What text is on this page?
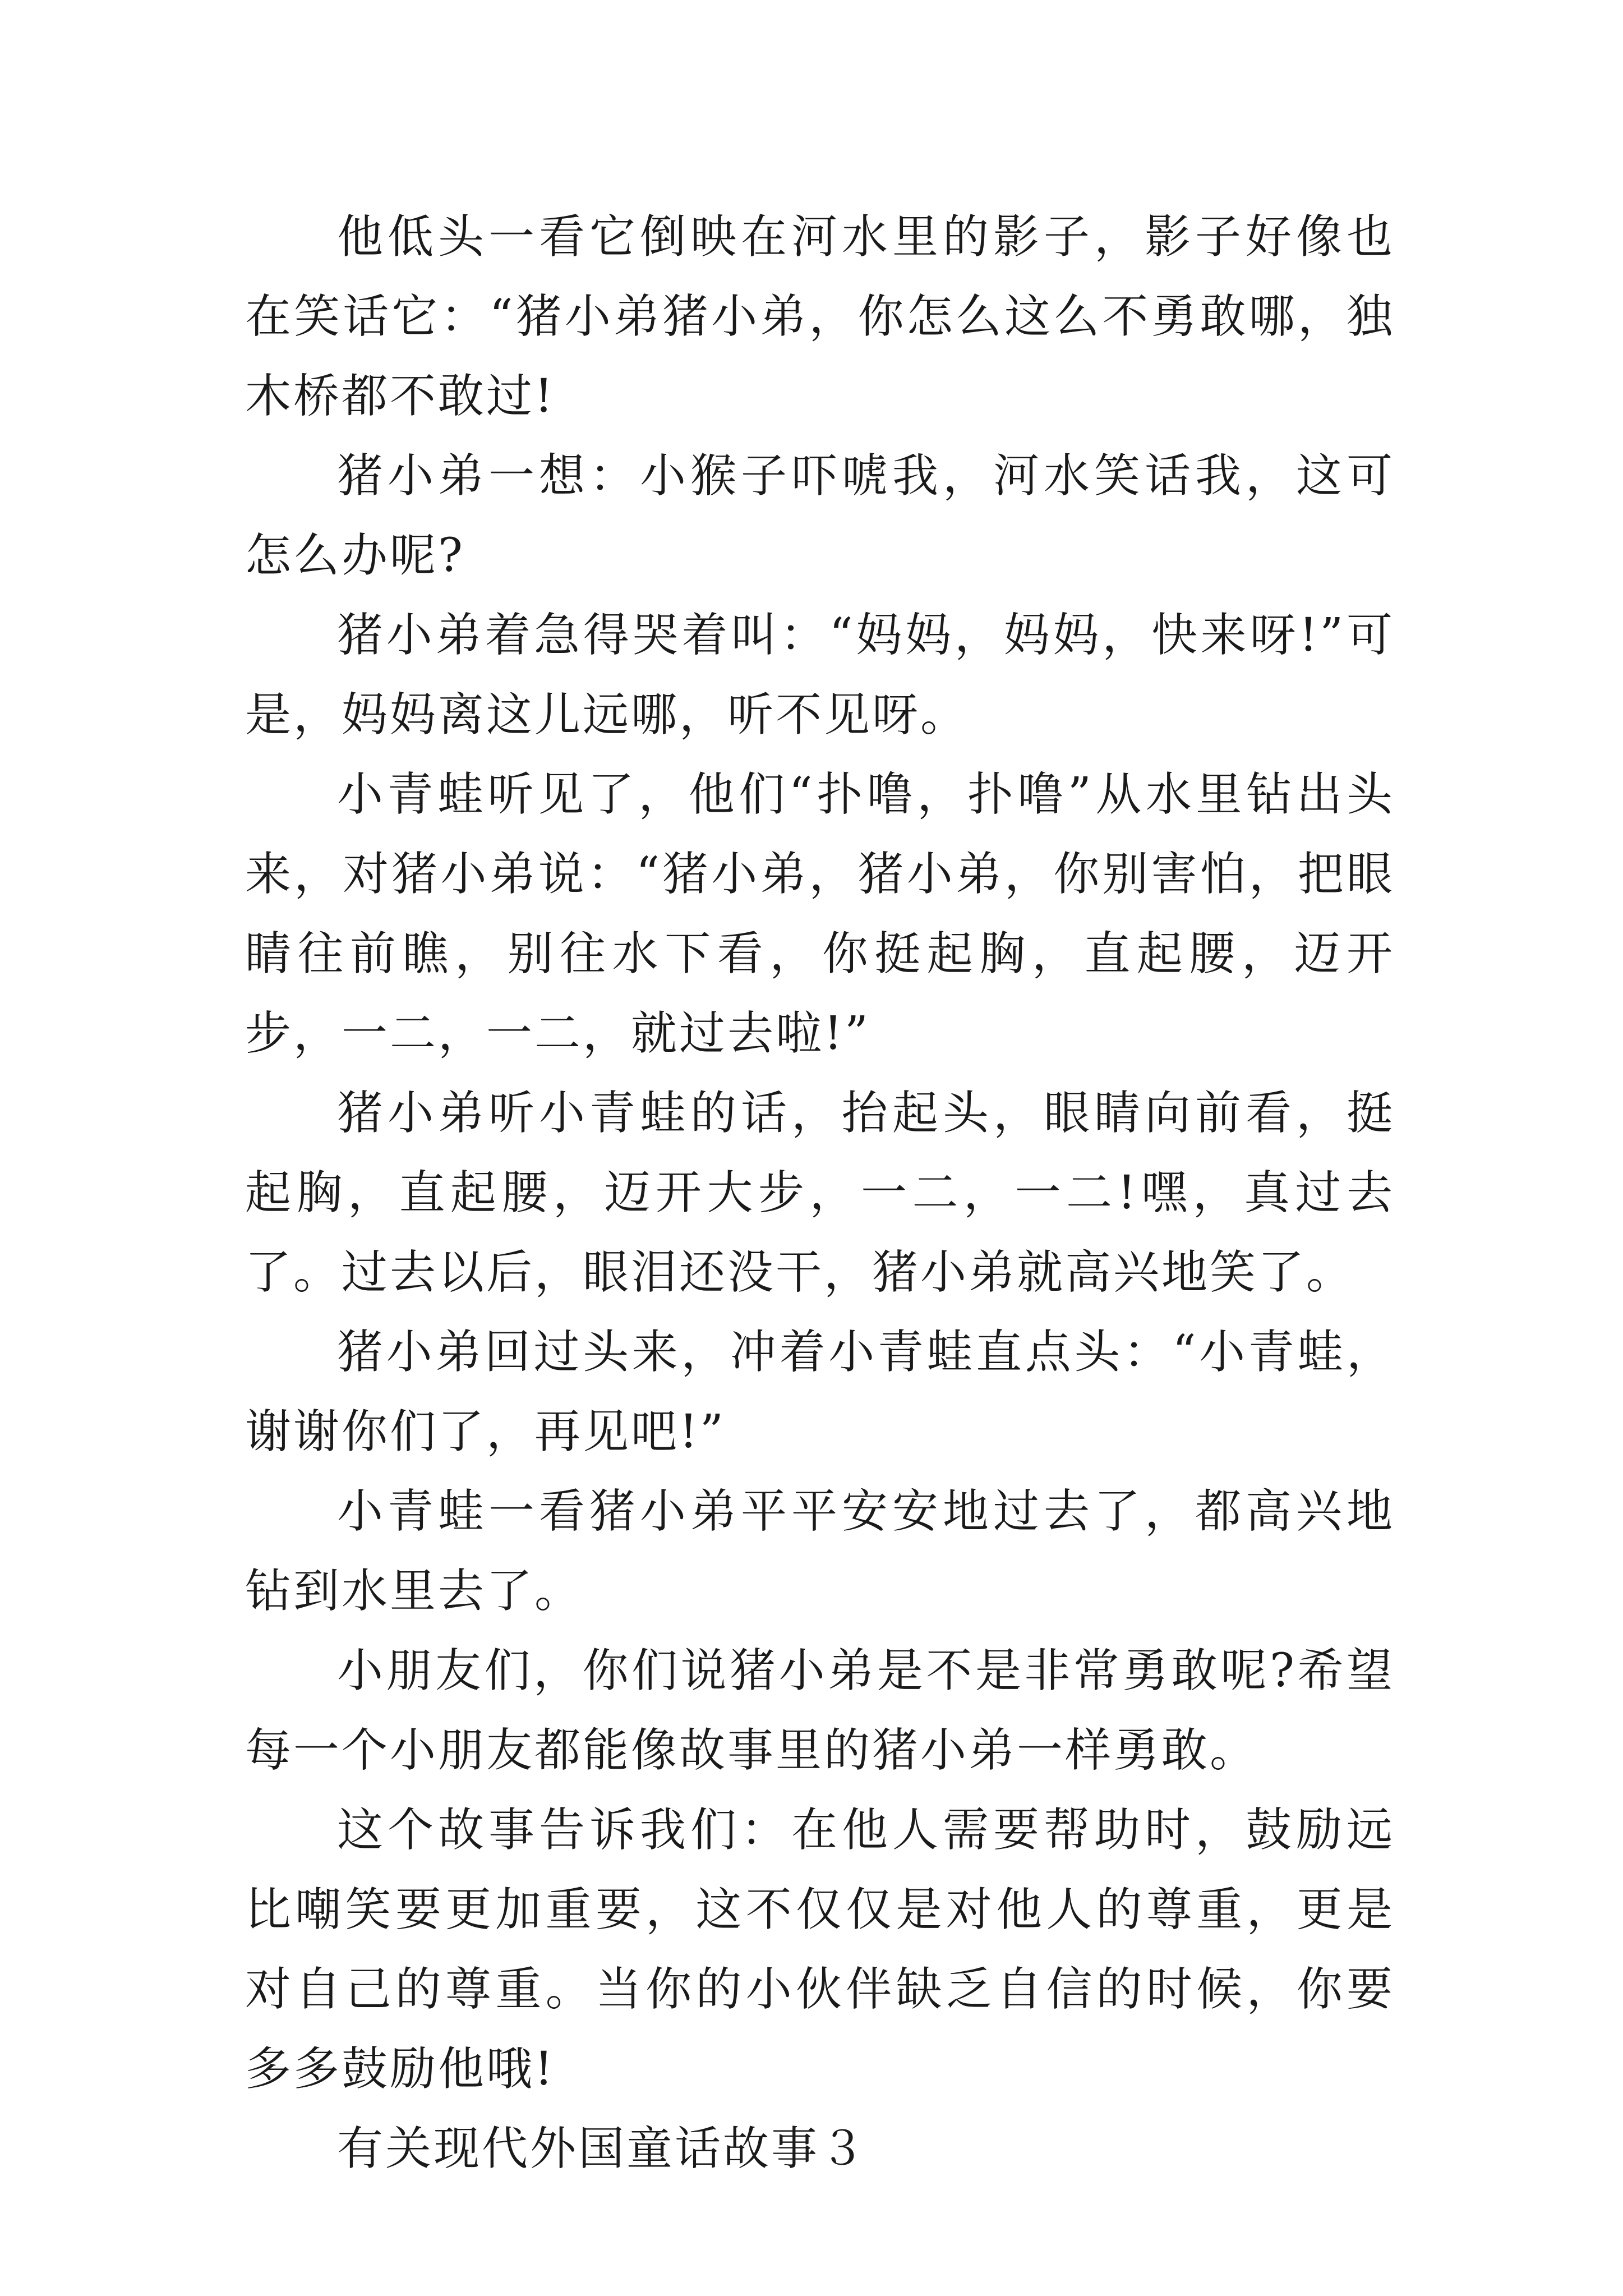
他低头一看它倒映在河水里的影子，影子好像也在笑话它：“猪小弟猪小弟，你怎么这么不勇敢哪，独木桥都不敢过!

猪小弟一想：小猴子吓唬我，河水笑话我，这可怎么办呢?

猪小弟着急得哭着叫：“妈妈，妈妈，快来呀!”可是，妈妈离这儿远哪，听不见呀。

小青蛙听见了，他们“扑噜，扑噜”从水里钻出头来，对猪小弟说：“猪小弟，猪小弟，你别害怕，把眼睛往前瞧，别往水下看，你挺起胸，直起腰，迈开步，一二，一二，就过去啦!”

猪小弟听小青蛙的话，抬起头，眼睛向前看，挺起胸，直起腰，迈开大步，一二，一二!嘿，真过去了。过去以后，眼泪还没干，猪小弟就高兴地笑了。

猪小弟回过头来，冲着小青蛙直点头：“小青蛙，谢谢你们了，再见吧!”

小青蛙一看猪小弟平平安安地过去了，都高兴地钻到水里去了。

小朋友们，你们说猪小弟是不是非常勇敢呢?希望每一个小朋友都能像故事里的猪小弟一样勇敢。

这个故事告诉我们：在他人需要帮助时，鼓励远比嘲笑要更加重要，这不仅仅是对他人的尊重，更是对自己的尊重。当你的小伙伴缺乏自信的时候，你要多多鼓励他哦!

有关现代外国童话故事３
